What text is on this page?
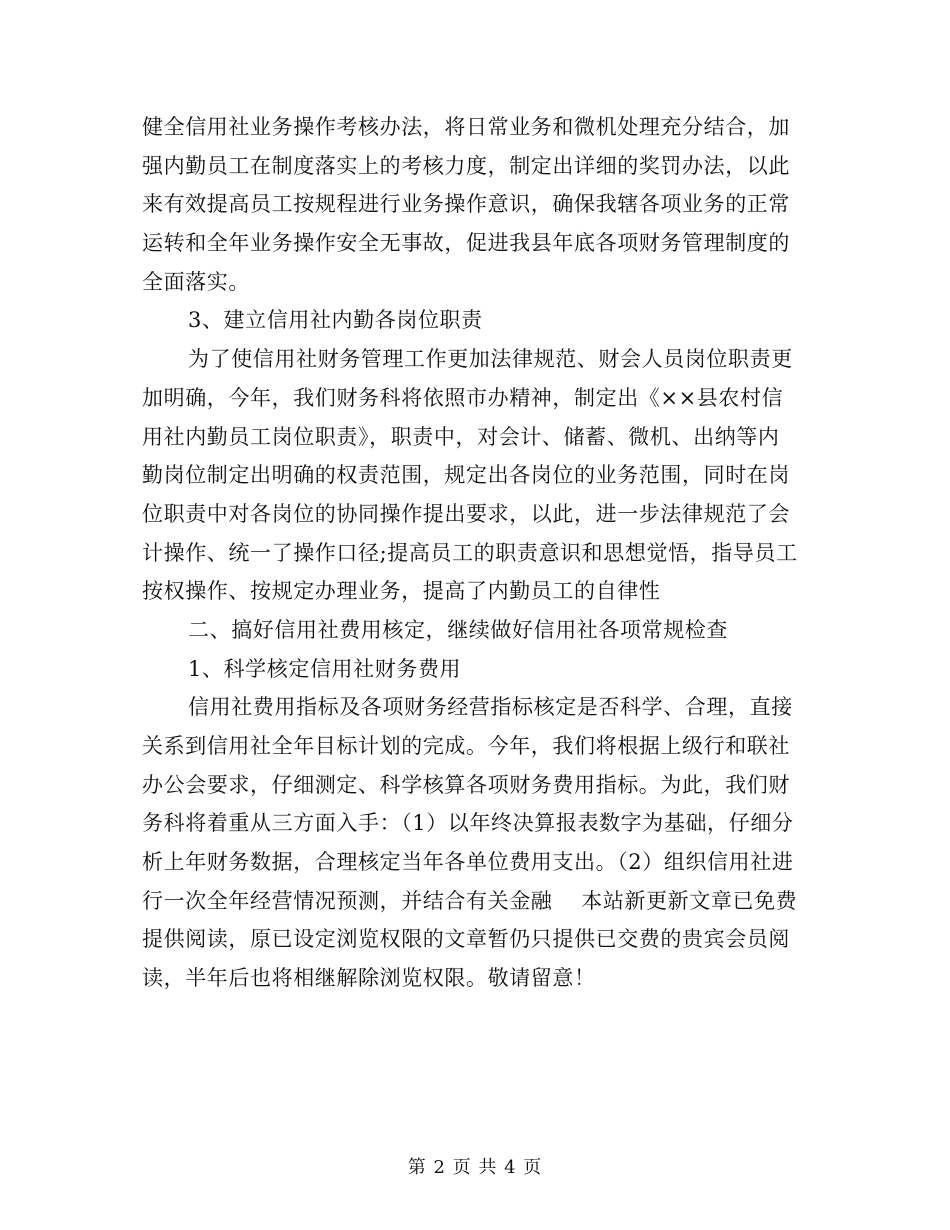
健全信用社业务操作考核办法，将日常业务和微机处理充分结合，加
强内勤员工在制度落实上的考核力度，制定出详细的奖罚办法，以此
来有效提高员工按规程进行业务操作意识，确保我辖各项业务的正常
运转和全年业务操作安全无事故，促进我县年底各项财务管理制度的
全面落实。
3、建立信用社内勤各岗位职责
为了使信用社财务管理工作更加法律规范、财会人员岗位职责更
加明确，今年，我们财务科将依照市办精神，制定出《××县农村信
用社内勤员工岗位职责》，职责中，对会计、储蓄、微机、出纳等内
勤岗位制定出明确的权责范围，规定出各岗位的业务范围，同时在岗
位职责中对各岗位的协同操作提出要求，以此，进一步法律规范了会
计操作、统一了操作口径;提高员工的职责意识和思想觉悟，指导员工
按权操作、按规定办理业务，提高了内勤员工的自律性
二、搞好信用社费用核定，继续做好信用社各项常规检查
1、科学核定信用社财务费用
信用社费用指标及各项财务经营指标核定是否科学、合理，直接
关系到信用社全年目标计划的完成。今年，我们将根据上级行和联社
办公会要求，仔细测定、科学核算各项财务费用指标。为此，我们财
务科将着重从三方面入手：（1）以年终决算报表数字为基础，仔细分
析上年财务数据，合理核定当年各单位费用支出。（2）组织信用社进
行一次全年经营情况预测，并结合有关金融　 本站新更新文章已免费
提供阅读，原已设定浏览权限的文章暂仍只提供已交费的贵宾会员阅
读，半年后也将相继解除浏览权限。敬请留意！
第 2 页 共 4 页
